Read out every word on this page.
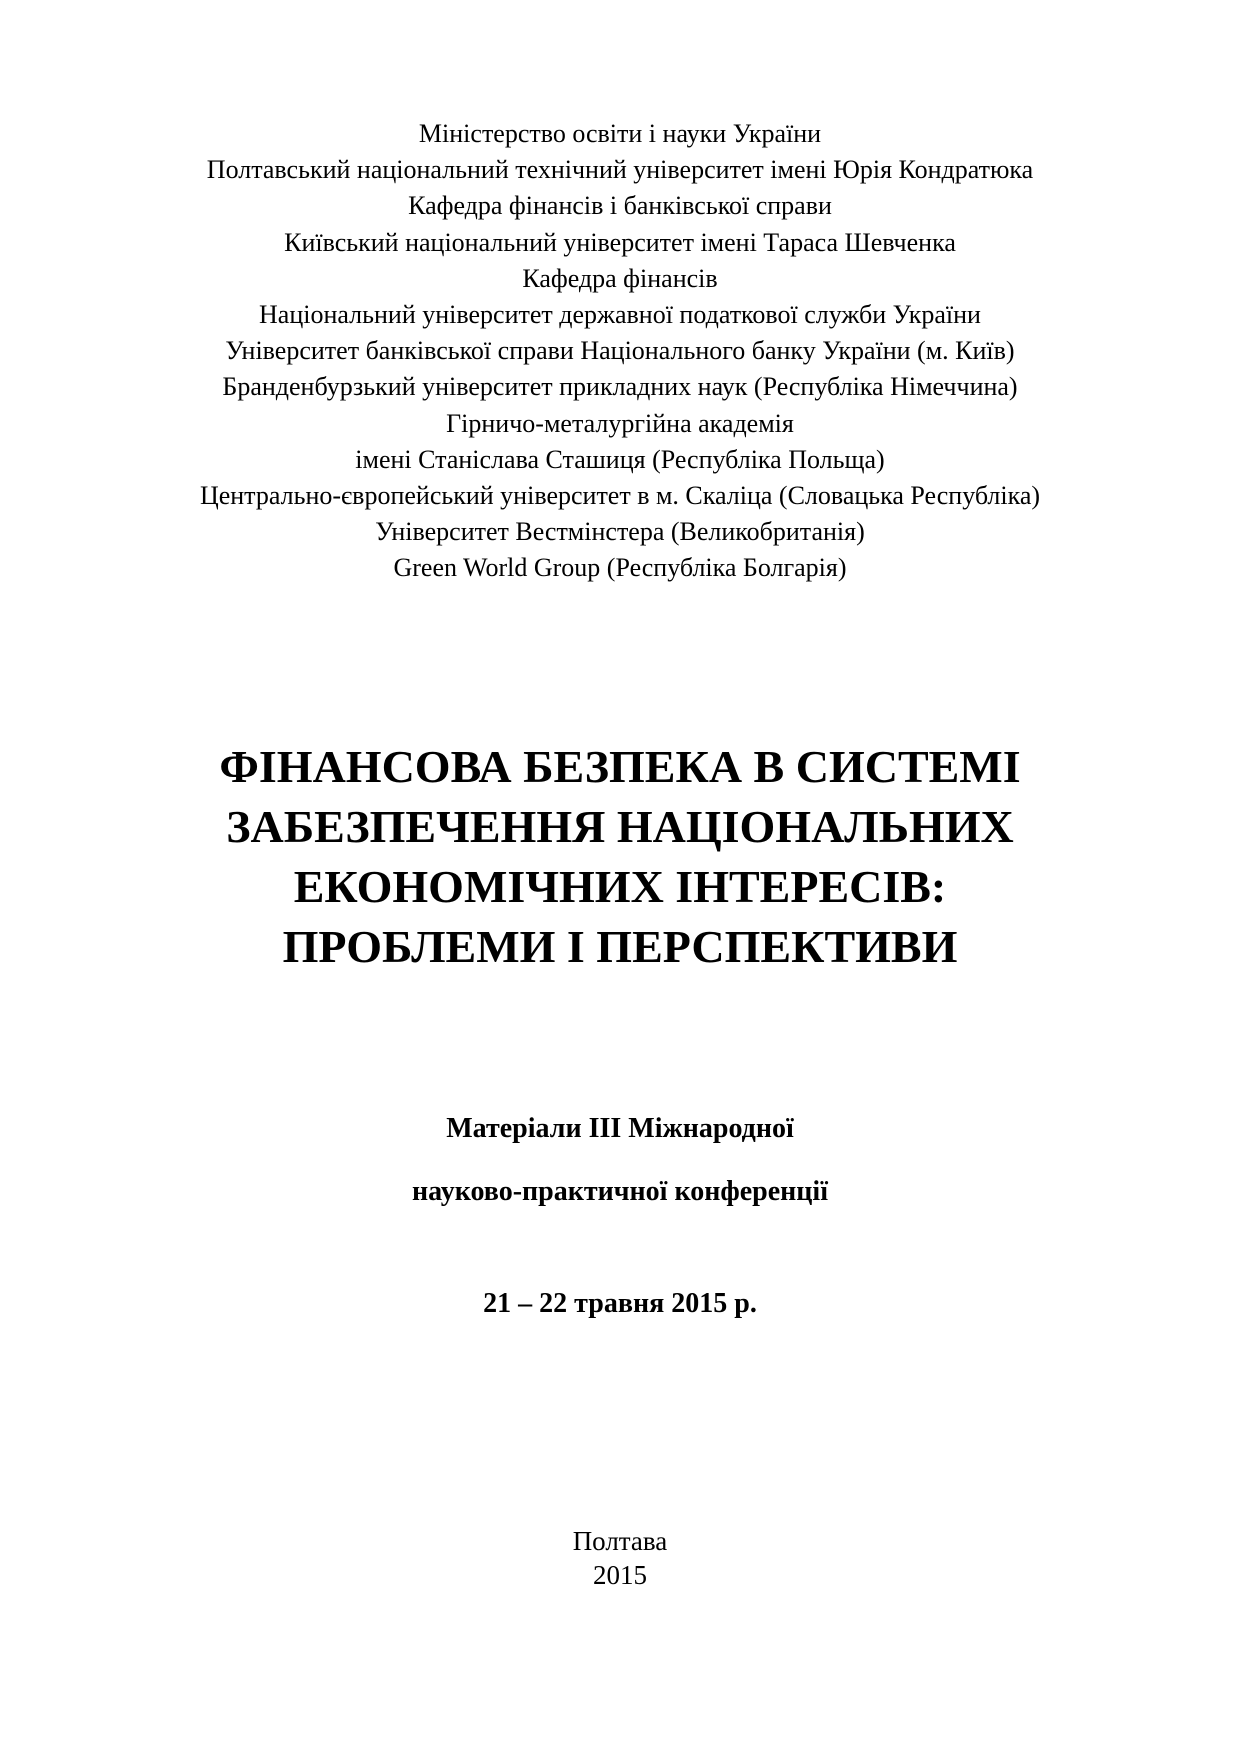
Міністерство освіти і науки України
Полтавський національний технічний університет імені Юрія Кондратюка
Кафедра фінансів і банківської справи
Київський національний університет імені Тараса Шевченка
Кафедра фінансів
Національний університет державної податкової служби України
Університет банківської справи Національного банку України (м. Київ)
Бранденбурзький університет прикладних наук (Республіка Німеччина)
Гірничо-металургійна академія
імені Станіслава Сташиця (Республіка Польща)
Центрально-європейський університет в м. Скаліца (Словацька Республіка)
Університет Вестмінстера (Великобританія)
Green World Group (Республіка Болгарія)
ФІНАНСОВА БЕЗПЕКА В СИСТЕМІ
ЗАБЕЗПЕЧЕННЯ НАЦІОНАЛЬНИХ
ЕКОНОМІЧНИХ ІНТЕРЕСІВ:
ПРОБЛЕМИ І ПЕРСПЕКТИВИ
Матеріали ІІІ Міжнародної
науково-практичної конференції
21 – 22 травня 2015 р.
Полтава
2015
